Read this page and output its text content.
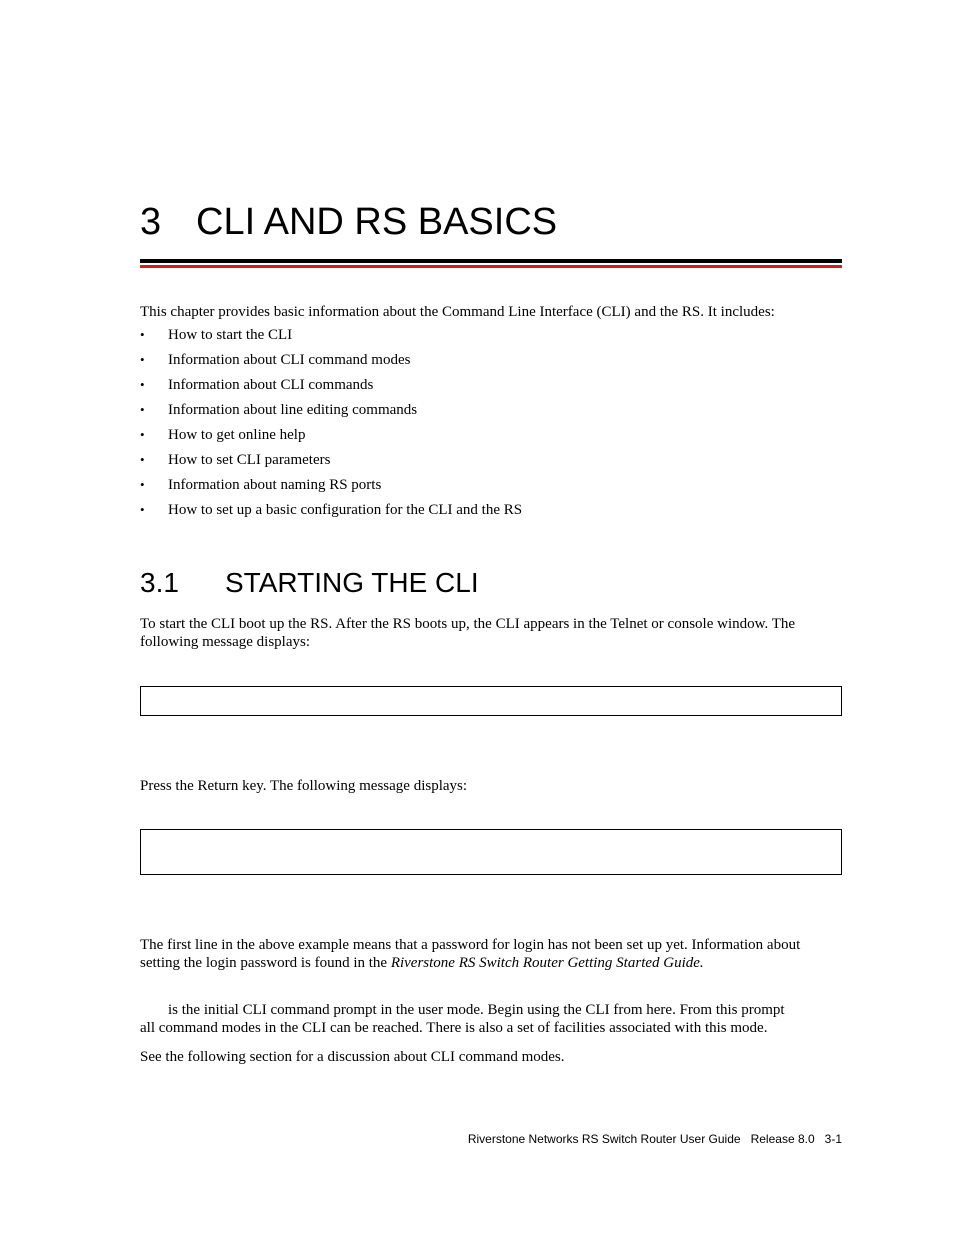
3 CLI AND RS BASICS
This chapter provides basic information about the Command Line Interface (CLI) and the RS. It includes:
• How to start the CLI
• Information about CLI command modes
• Information about CLI commands
• Information about line editing commands
• How to get online help
• How to set CLI parameters
• Information about naming RS ports
• How to set up a basic configuration for the CLI and the RS
3.1 STARTING THE CLI
To start the CLI boot up the RS. After the RS boots up, the CLI appears in the Telnet or console window. The following message displays:
Press the Return key. The following message displays:
The first line in the above example means that a password for login has not been set up yet. Information about setting the login password is found in the Riverstone RS Switch Router Getting Started Guide.
is the initial CLI command prompt in the user mode. Begin using the CLI from here. From this prompt
all command modes in the CLI can be reached. There is also a set of facilities associated with this mode.
See the following section for a discussion about CLI command modes.
Riverstone Networks RS Switch Router User Guide Release 8.0 3-1
